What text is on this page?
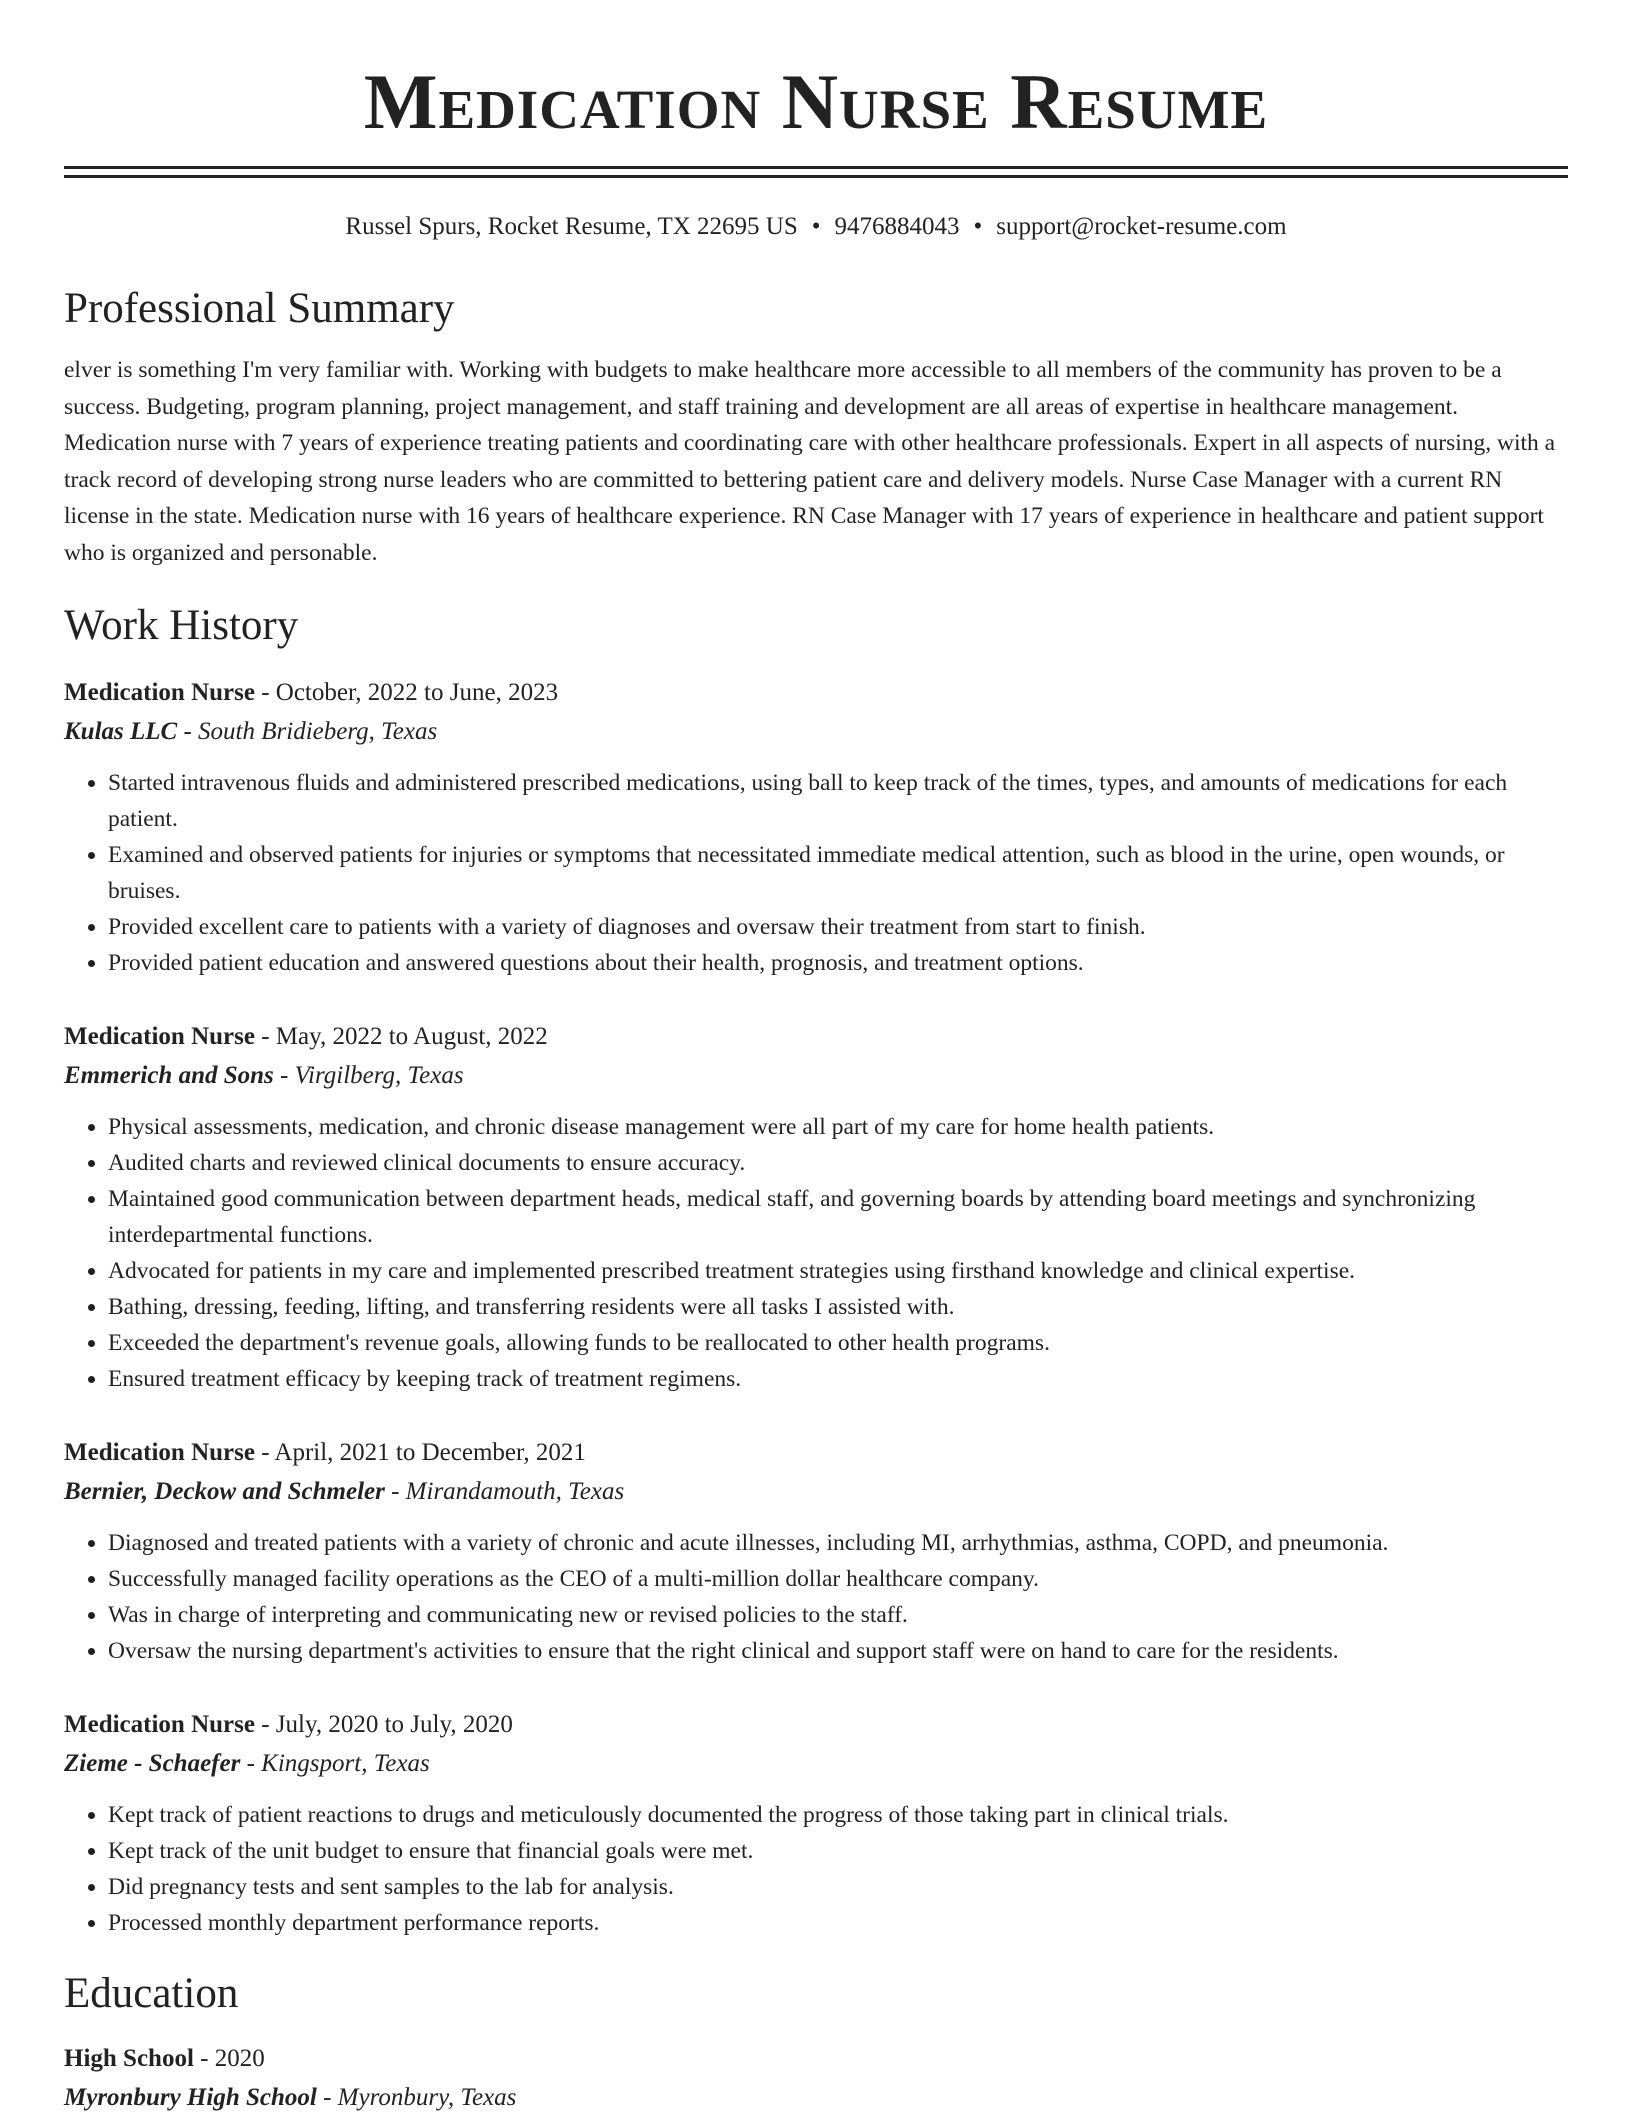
Medication Nurse Resume
Russel Spurs, Rocket Resume, TX 22695 US • 9476884043 • support@rocket-resume.com
Professional Summary

elver is something I'm very familiar with. Working with budgets to make healthcare more accessible to all members of the community has proven to be a success. Budgeting, program planning, project management, and staff training and development are all areas of expertise in healthcare management. Medication nurse with 7 years of experience treating patients and coordinating care with other healthcare professionals. Expert in all aspects of nursing, with a track record of developing strong nurse leaders who are committed to bettering patient care and delivery models. Nurse Case Manager with a current RN license in the state. Medication nurse with 16 years of healthcare experience. RN Case Manager with 17 years of experience in healthcare and patient support who is organized and personable.

Work History
Medication Nurse - October, 2022 to June, 2023
Kulas LLC - South Bridieberg, Texas
• Started intravenous fluids and administered prescribed medications, using ball to keep track of the times, types, and amounts of medications for each patient.
• Examined and observed patients for injuries or symptoms that necessitated immediate medical attention, such as blood in the urine, open wounds, or bruises.
• Provided excellent care to patients with a variety of diagnoses and oversaw their treatment from start to finish.
• Provided patient education and answered questions about their health, prognosis, and treatment options.
Medication Nurse - May, 2022 to August, 2022
Emmerich and Sons - Virgilberg, Texas
• Physical assessments, medication, and chronic disease management were all part of my care for home health patients.
• Audited charts and reviewed clinical documents to ensure accuracy.
• Maintained good communication between department heads, medical staff, and governing boards by attending board meetings and synchronizing interdepartmental functions.
• Advocated for patients in my care and implemented prescribed treatment strategies using firsthand knowledge and clinical expertise.
• Bathing, dressing, feeding, lifting, and transferring residents were all tasks I assisted with.
• Exceeded the department's revenue goals, allowing funds to be reallocated to other health programs.
• Ensured treatment efficacy by keeping track of treatment regimens.
Medication Nurse - April, 2021 to December, 2021
Bernier, Deckow and Schmeler - Mirandamouth, Texas
• Diagnosed and treated patients with a variety of chronic and acute illnesses, including MI, arrhythmias, asthma, COPD, and pneumonia.
• Successfully managed facility operations as the CEO of a multi-million dollar healthcare company.
• Was in charge of interpreting and communicating new or revised policies to the staff.
• Oversaw the nursing department's activities to ensure that the right clinical and support staff were on hand to care for the residents.
Medication Nurse - July, 2020 to July, 2020
Zieme - Schaefer - Kingsport, Texas
• Kept track of patient reactions to drugs and meticulously documented the progress of those taking part in clinical trials.
• Kept track of the unit budget to ensure that financial goals were met.
• Did pregnancy tests and sent samples to the lab for analysis.
• Processed monthly department performance reports.
Education
High School - 2020
Myronbury High School - Myronbury, Texas
